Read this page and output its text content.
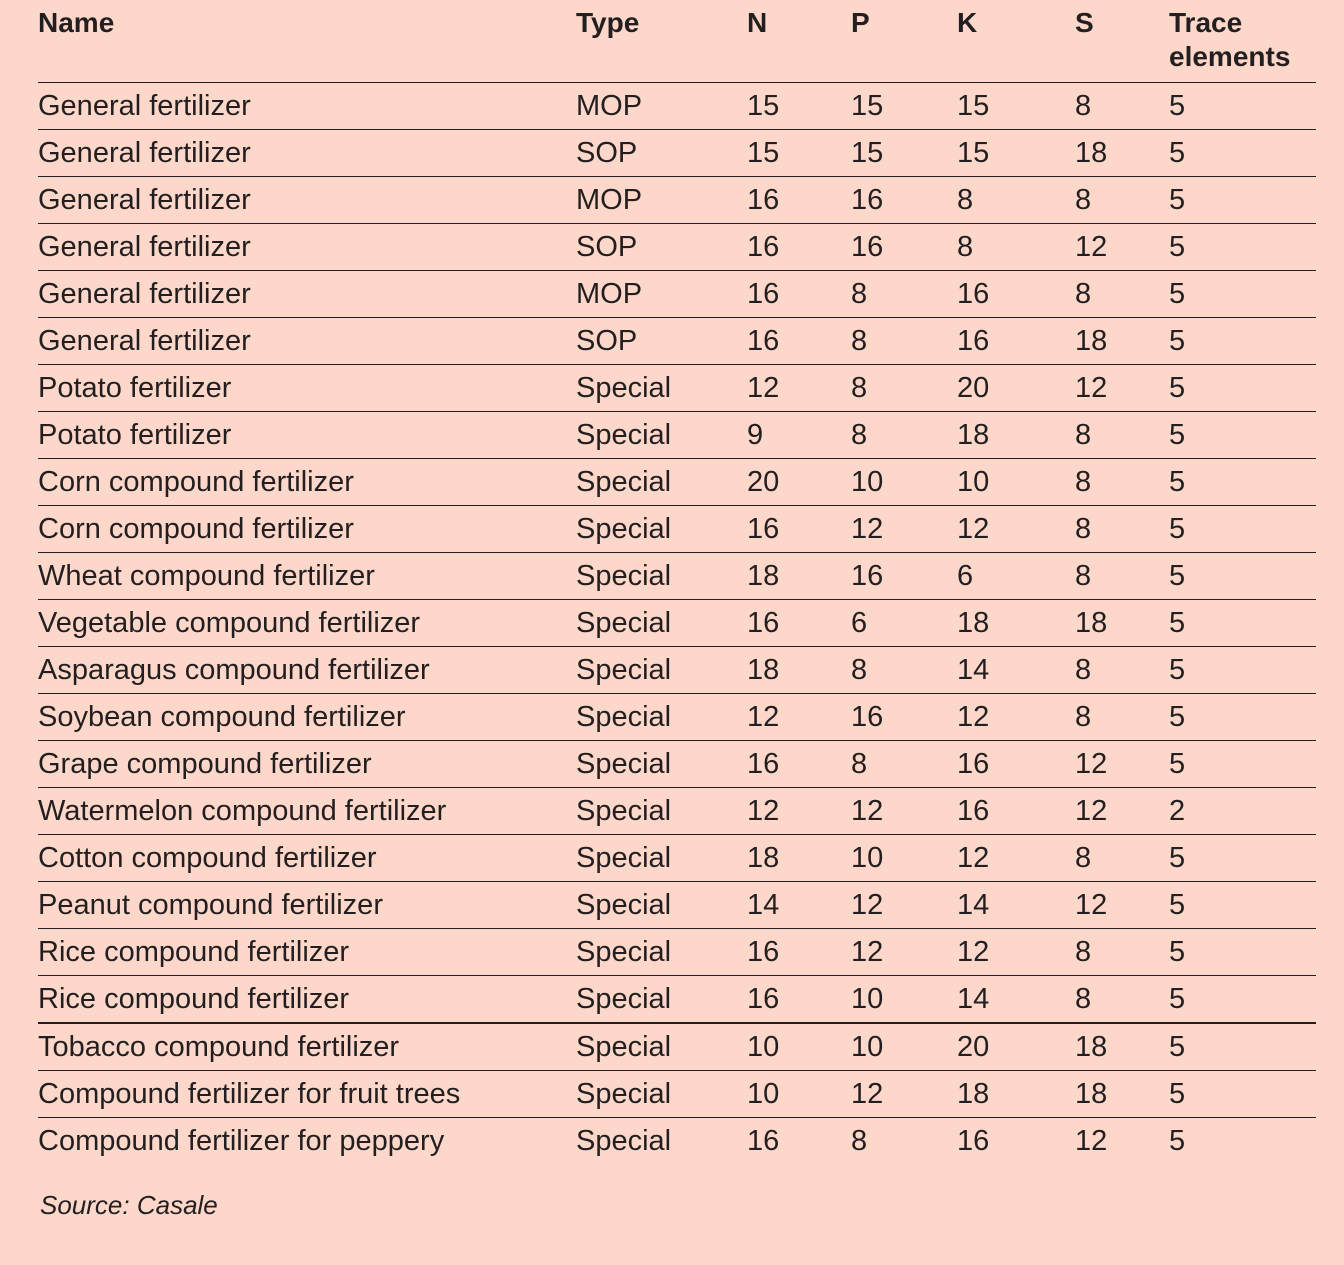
Name	Type	N	P	K	S	Trace elements
General fertilizer	MOP	15	15	15	8	5
General fertilizer	SOP	15	15	15	18	5
General fertilizer	MOP	16	16	8	8	5
General fertilizer	SOP	16	16	8	12	5
General fertilizer	MOP	16	8	16	8	5
General fertilizer	SOP	16	8	16	18	5
Potato fertilizer	Special	12	8	20	12	5
Potato fertilizer	Special	9	8	18	8	5
Corn compound fertilizer	Special	20	10	10	8	5
Corn compound fertilizer	Special	16	12	12	8	5
Wheat compound fertilizer	Special	18	16	6	8	5
Vegetable compound fertilizer	Special	16	6	18	18	5
Asparagus compound fertilizer	Special	18	8	14	8	5
Soybean compound fertilizer	Special	12	16	12	8	5
Grape compound fertilizer	Special	16	8	16	12	5
Watermelon compound fertilizer	Special	12	12	16	12	2
Cotton compound fertilizer	Special	18	10	12	8	5
Peanut compound fertilizer	Special	14	12	14	12	5
Rice compound fertilizer	Special	16	12	12	8	5
Rice compound fertilizer	Special	16	10	14	8	5
Tobacco compound fertilizer	Special	10	10	20	18	5
Compound fertilizer for fruit trees	Special	10	12	18	18	5
Compound fertilizer for peppery	Special	16	8	16	12	5
Source: Casale
